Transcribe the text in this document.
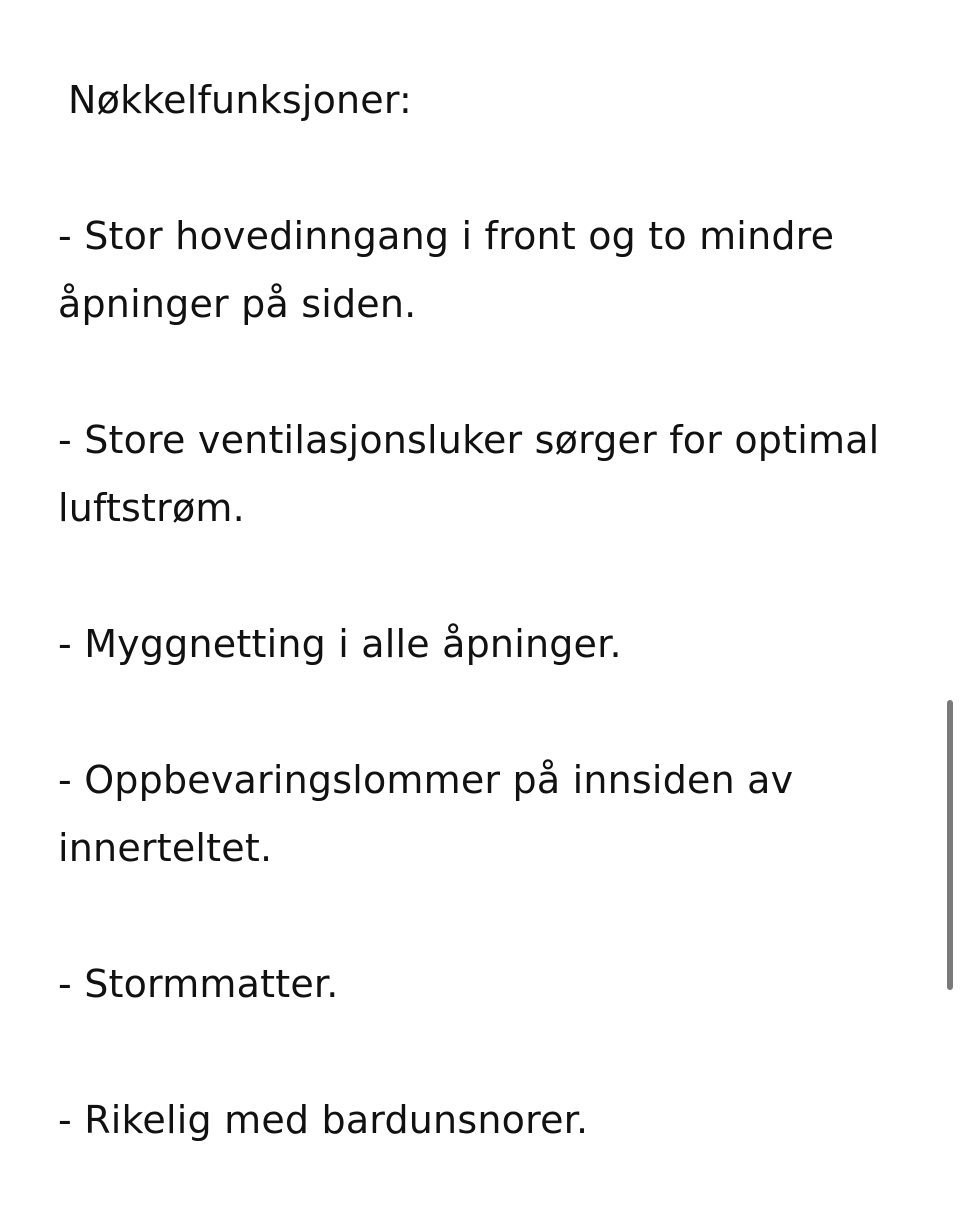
Nøkkelfunksjoner:
- Stor hovedinngang i front og to mindre åpninger på siden.
- Store ventilasjonsluker sørger for optimal luftstrøm.
- Myggnetting i alle åpninger.
- Oppbevaringslommer på innsiden av innerteltet.
- Stormmatter.
- Rikelig med bardunsnorer.
